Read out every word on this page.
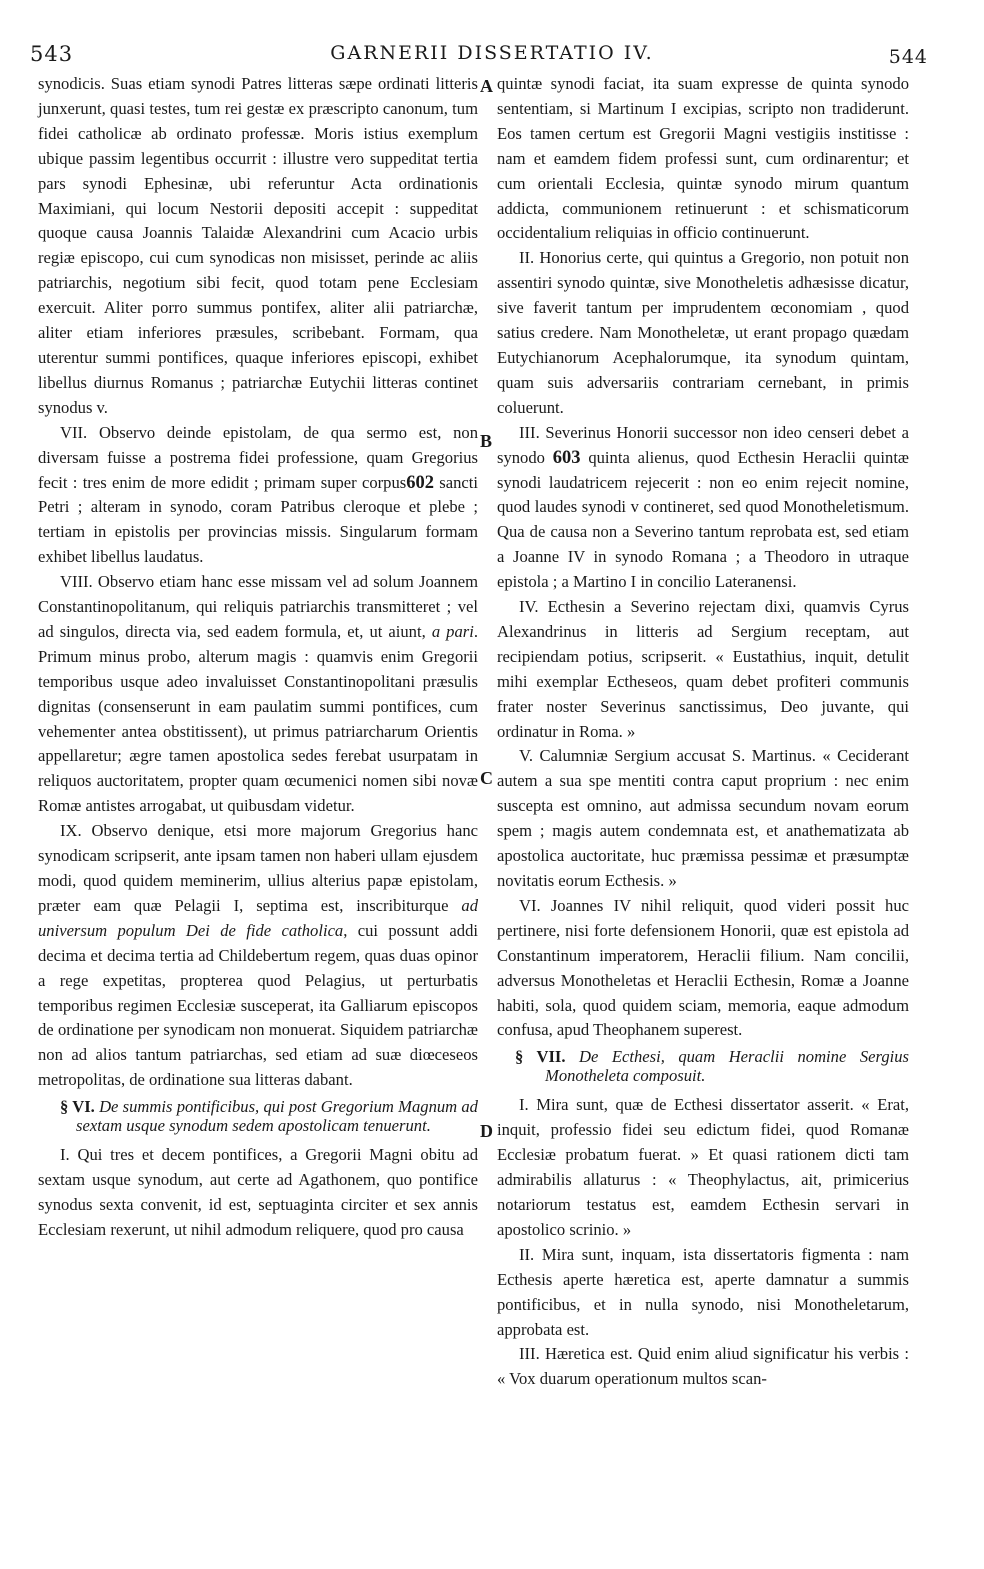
543	GARNERII DISSERTATIO IV.	544
A
B
C
D

synodicis. Suas etiam synodi Patres litteras sæpe ordinati litteris junxerunt, quasi testes, tum rei gestæ ex præscripto canonum, tum fidei catholicæ ab ordinato professæ. Moris istius exemplum ubique passim legentibus occurrit : illustre vero suppeditat tertia pars synodi Ephesinæ, ubi referuntur Acta ordinationis Maximiani, qui locum Nestorii depositi accepit : suppeditat quoque causa Joannis Talaidæ Alexandrini cum Acacio urbis regiæ episcopo, cui cum synodicas non misisset, perinde ac aliis patriarchis, negotium sibi fecit, quod totam pene Ecclesiam exercuit. Aliter porro summus pontifex, aliter alii patriarchæ, aliter etiam inferiores præsules, scribebant. Formam, qua uterentur summi pontifices, quaque inferiores episcopi, exhibet libellus diurnus Romanus ; patriarchæ Eutychii litteras continet synodus v.

VII. Observo deinde epistolam, de qua sermo est, non diversam fuisse a postrema fidei professione, quam Gregorius fecit : tres enim de more edidit ; primam super corpus602 sancti Petri ; alteram in synodo, coram Patribus cleroque et plebe ; tertiam in epistolis per provincias missis. Singularum formam exhibet libellus laudatus.

VIII. Observo etiam hanc esse missam vel ad solum Joannem Constantinopolitanum, qui reliquis patriarchis transmitteret ; vel ad singulos, directa via, sed eadem formula, et, ut aiunt, a pari. Primum minus probo, alterum magis : quamvis enim Gregorii temporibus usque adeo invaluisset Constantinopolitani præsulis dignitas (consenserunt in eam paulatim summi pontifices, cum vehementer antea obstitissent), ut primus patriarcharum Orientis appellaretur; ægre tamen apostolica sedes ferebat usurpatam in reliquos auctoritatem, propter quam œcumenici nomen sibi novæ Romæ antistes arrogabat, ut quibusdam videtur.

IX. Observo denique, etsi more majorum Gregorius hanc synodicam scripserit, ante ipsam tamen non haberi ullam ejusdem modi, quod quidem meminerim, ullius alterius papæ epistolam, præter eam quæ Pelagii I, septima est, inscribiturque ad universum populum Dei de fide catholica, cui possunt addi decima et decima tertia ad Childebertum regem, quas duas opinor a rege expetitas, propterea quod Pelagius, ut perturbatis temporibus regimen Ecclesiæ susceperat, ita Galliarum episcopos de ordinatione per synodicam non monuerat. Siquidem patriarchæ non ad alios tantum patriarchas, sed etiam ad suæ diœceseos metropolitas, de ordinatione sua litteras dabant.

§ VI. De summis pontificibus, qui post Gregorium Magnum ad sextam usque synodum sedem apostolicam tenuerunt.

I. Qui tres et decem pontifices, a Gregorii Magni obitu ad sextam usque synodum, aut certe ad Agathonem, quo pontifice synodus sexta convenit, id est, septuaginta circiter et sex annis Ecclesiam rexerunt, ut nihil admodum reliquere, quod pro causa

quintæ synodi faciat, ita suam expresse de quinta synodo sententiam, si Martinum I excipias, scripto non tradiderunt. Eos tamen certum est Gregorii Magni vestigiis institisse : nam et eamdem fidem professi sunt, cum ordinarentur; et cum orientali Ecclesia, quintæ synodo mirum quantum addicta, communionem retinuerunt : et schismaticorum occidentalium reliquias in officio continuerunt.

II. Honorius certe, qui quintus a Gregorio, non potuit non assentiri synodo quintæ, sive Monotheletis adhæsisse dicatur, sive faverit tantum per imprudentem œconomiam , quod satius credere. Nam Monotheletæ, ut erant propago quædam Eutychianorum Acephalorumque, ita synodum quintam, quam suis adversariis contrariam cernebant, in primis coluerunt.

III. Severinus Honorii successor non ideo censeri debet a synodo 603 quinta alienus, quod Ecthesin Heraclii quintæ synodi laudatricem rejecerit : non eo enim rejecit nomine, quod laudes synodi v contineret, sed quod Monotheletismum. Qua de causa non a Severino tantum reprobata est, sed etiam a Joanne IV in synodo Romana ; a Theodoro in utraque epistola ; a Martino I in concilio Lateranensi.

IV. Ecthesin a Severino rejectam dixi, quamvis Cyrus Alexandrinus in litteris ad Sergium receptam, aut recipiendam potius, scripserit. « Eustathius, inquit, detulit mihi exemplar Ectheseos, quam debet profiteri communis frater noster Severinus sanctissimus, Deo juvante, qui ordinatur in Roma. »

V. Calumniæ Sergium accusat S. Martinus. « Ceciderant autem a sua spe mentiti contra caput proprium : nec enim suscepta est omnino, aut admissa secundum novam eorum spem ; magis autem condemnata est, et anathematizata ab apostolica auctoritate, huc præmissa pessimæ et præsumptæ novitatis eorum Ecthesis. »

VI. Joannes IV nihil reliquit, quod videri possit huc pertinere, nisi forte defensionem Honorii, quæ est epistola ad Constantinum imperatorem, Heraclii filium. Nam concilii, adversus Monotheletas et Heraclii Ecthesin, Romæ a Joanne habiti, sola, quod quidem sciam, memoria, eaque admodum confusa, apud Theophanem superest.

§ VII. De Ecthesi, quam Heraclii nomine Sergius Monotheleta composuit.

I. Mira sunt, quæ de Ecthesi dissertator asserit. « Erat, inquit, professio fidei seu edictum fidei, quod Romanæ Ecclesiæ probatum fuerat. » Et quasi rationem dicti tam admirabilis allaturus : « Theophylactus, ait, primicerius notariorum testatus est, eamdem Ecthesin servari in apostolico scrinio. »

II. Mira sunt, inquam, ista dissertatoris figmenta : nam Ecthesis aperte hæretica est, aperte damnatur a summis pontificibus, et in nulla synodo, nisi Monotheletarum, approbata est.

III. Hæretica est. Quid enim aliud significatur his verbis : « Vox duarum operationum multos scan-
